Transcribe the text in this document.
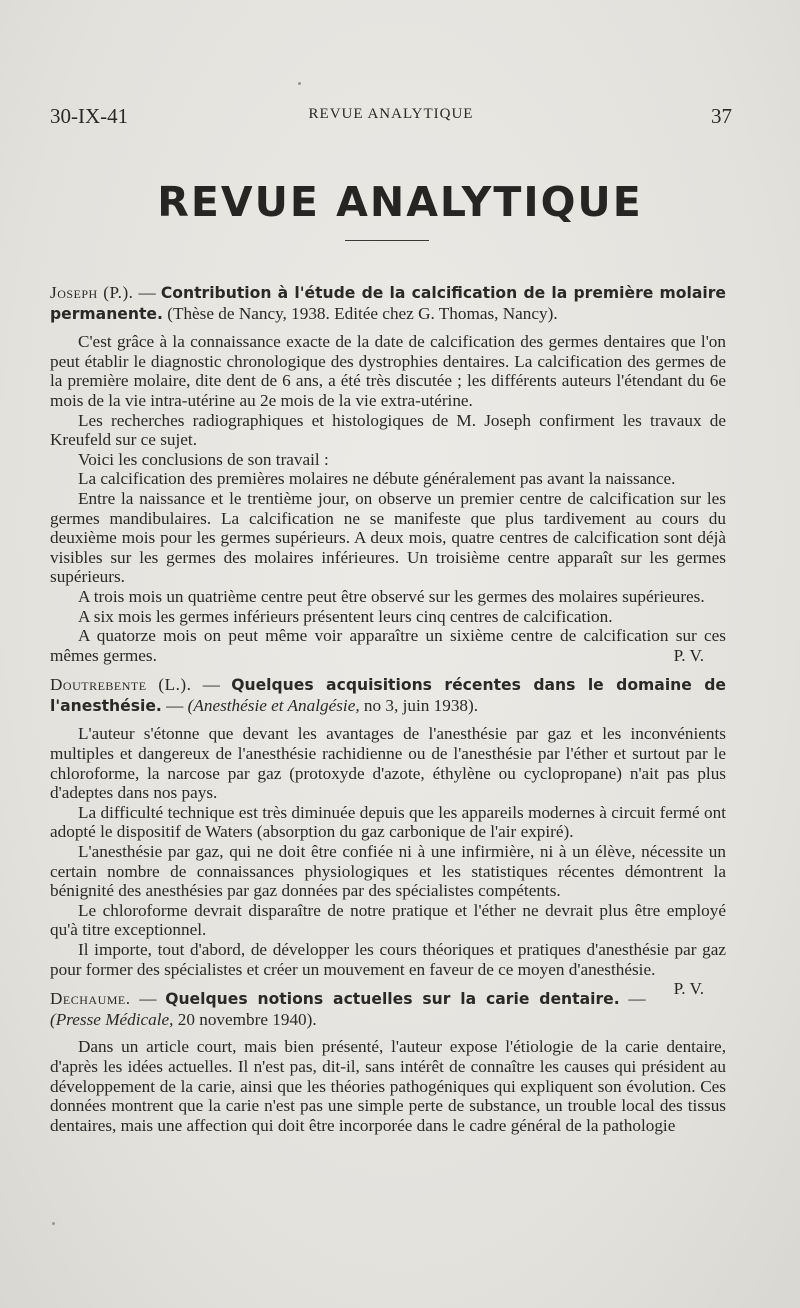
30-IX-41	REVUE ANALYTIQUE	37
REVUE ANALYTIQUE
Joseph (P.). — Contribution à l'étude de la calcification de la première molaire permanente. (Thèse de Nancy, 1938. Editée chez G. Thomas, Nancy).

C'est grâce à la connaissance exacte de la date de calcification des germes dentaires que l'on peut établir le diagnostic chronologique des dystrophies dentaires. La calcification des germes de la première molaire, dite dent de 6 ans, a été très discutée ; les différents auteurs l'étendant du 6e mois de la vie intra-utérine au 2e mois de la vie extra-utérine.

Les recherches radiographiques et histologiques de M. Joseph confirment les travaux de Kreufeld sur ce sujet.

Voici les conclusions de son travail :

La calcification des premières molaires ne débute généralement pas avant la naissance.

Entre la naissance et le trentième jour, on observe un premier centre de calcification sur les germes mandibulaires. La calcification ne se manifeste que plus tardivement au cours du deuxième mois pour les germes supérieurs. A deux mois, quatre centres de calcification sont déjà visibles sur les germes des molaires inférieures. Un troisième centre apparaît sur les germes supérieurs.

A trois mois un quatrième centre peut être observé sur les germes des molaires supérieures.

A six mois les germes inférieurs présentent leurs cinq centres de calcification.

A quatorze mois on peut même voir apparaître un sixième centre de calcification sur ces mêmes germes.	P. V.

Doutrebente (L.). — Quelques acquisitions récentes dans le domaine de l'anesthésie. — (Anesthésie et Analgésie, no 3, juin 1938).

L'auteur s'étonne que devant les avantages de l'anesthésie par gaz et les inconvénients multiples et dangereux de l'anesthésie rachidienne ou de l'anesthésie par l'éther et surtout par le chloroforme, la narcose par gaz (protoxyde d'azote, éthylène ou cyclopropane) n'ait pas plus d'adeptes dans nos pays.

La difficulté technique est très diminuée depuis que les appareils modernes à circuit fermé ont adopté le dispositif de Waters (absorption du gaz carbonique de l'air expiré).

L'anesthésie par gaz, qui ne doit être confiée ni à une infirmière, ni à un élève, nécessite un certain nombre de connaissances physiologiques et les statistiques récentes démontrent la bénignité des anesthésies par gaz données par des spécialistes compétents.

Le chloroforme devrait disparaître de notre pratique et l'éther ne devrait plus être employé qu'à titre exceptionnel.

Il importe, tout d'abord, de développer les cours théoriques et pratiques d'anesthésie par gaz pour former des spécialistes et créer un mouvement en faveur de ce moyen d'anesthésie.
P. V.

Dechaume. — Quelques notions actuelles sur la carie dentaire. — (Presse Médicale, 20 novembre 1940).

Dans un article court, mais bien présenté, l'auteur expose l'étiologie de la carie dentaire, d'après les idées actuelles. Il n'est pas, dit-il, sans intérêt de connaître les causes qui président au développement de la carie, ainsi que les théories pathogéniques qui expliquent son évolution. Ces données montrent que la carie n'est pas une simple perte de substance, un trouble local des tissus dentaires, mais une affection qui doit être incorporée dans le cadre général de la pathologie
